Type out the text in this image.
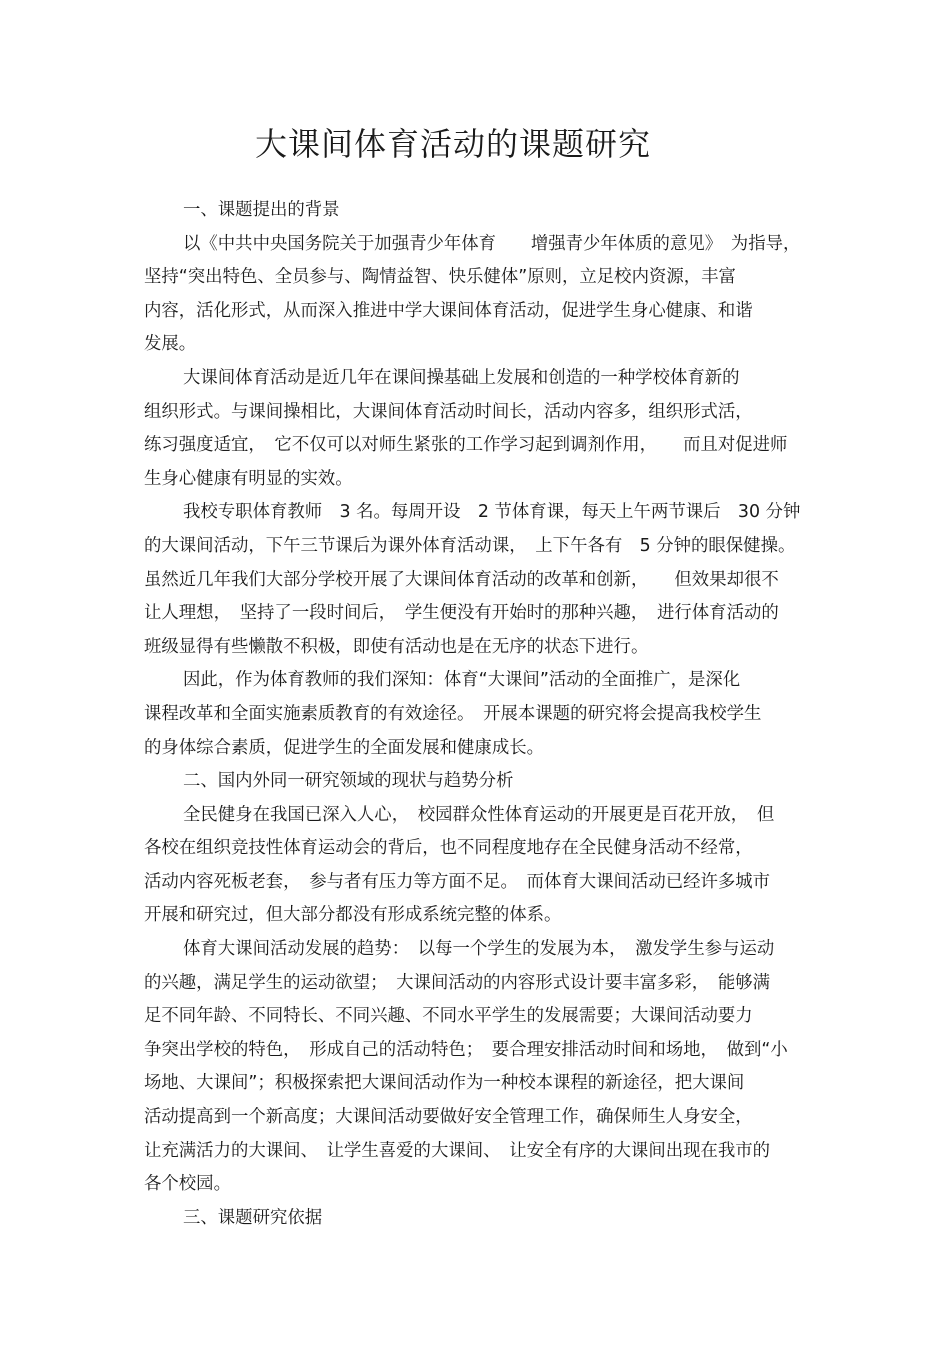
大课间体育活动的课题研究
一、课题提出的背景
以《中共中央国务院关于加强青少年体育　　增强青少年体质的意见》　为指导，
坚持“突出特色、全员参与、陶情益智、快乐健体”原则，立足校内资源，丰富
内容，活化形式，从而深入推进中学大课间体育活动，促进学生身心健康、和谐
发展。
大课间体育活动是近几年在课间操基础上发展和创造的一种学校体育新的
组织形式。与课间操相比，大课间体育活动时间长，活动内容多，组织形式活，
练习强度适宜，　它不仅可以对师生紧张的工作学习起到调剂作用，　　而且对促进师
生身心健康有明显的实效。
我校专职体育教师　3 名。每周开设　2 节体育课，每天上午两节课后　30 分钟
的大课间活动，下午三节课后为课外体育活动课，　上下午各有　5 分钟的眼保健操。
虽然近几年我们大部分学校开展了大课间体育活动的改革和创新，　　但效果却很不
让人理想，　坚持了一段时间后，　学生便没有开始时的那种兴趣，　进行体育活动的
班级显得有些懒散不积极，即使有活动也是在无序的状态下进行。
因此，作为体育教师的我们深知：体育“大课间”活动的全面推广，是深化
课程改革和全面实施素质教育的有效途径。　开展本课题的研究将会提高我校学生
的身体综合素质，促进学生的全面发展和健康成长。
二、国内外同一研究领域的现状与趋势分析
全民健身在我国已深入人心，　校园群众性体育运动的开展更是百花开放，　但
各校在组织竞技性体育运动会的背后，也不同程度地存在全民健身活动不经常，
活动内容死板老套，　参与者有压力等方面不足。　而体育大课间活动已经许多城市
开展和研究过，但大部分都没有形成系统完整的体系。
体育大课间活动发展的趋势：　以每一个学生的发展为本，　激发学生参与运动
的兴趣，满足学生的运动欲望；　大课间活动的内容形式设计要丰富多彩，　能够满
足不同年龄、不同特长、不同兴趣、不同水平学生的发展需要；大课间活动要力
争突出学校的特色，　形成自己的活动特色；　要合理安排活动时间和场地，　做到“小
场地、大课间”；积极探索把大课间活动作为一种校本课程的新途径，把大课间
活动提高到一个新高度；大课间活动要做好安全管理工作，确保师生人身安全，
让充满活力的大课间、　让学生喜爱的大课间、　让安全有序的大课间出现在我市的
各个校园。
三、课题研究依据
